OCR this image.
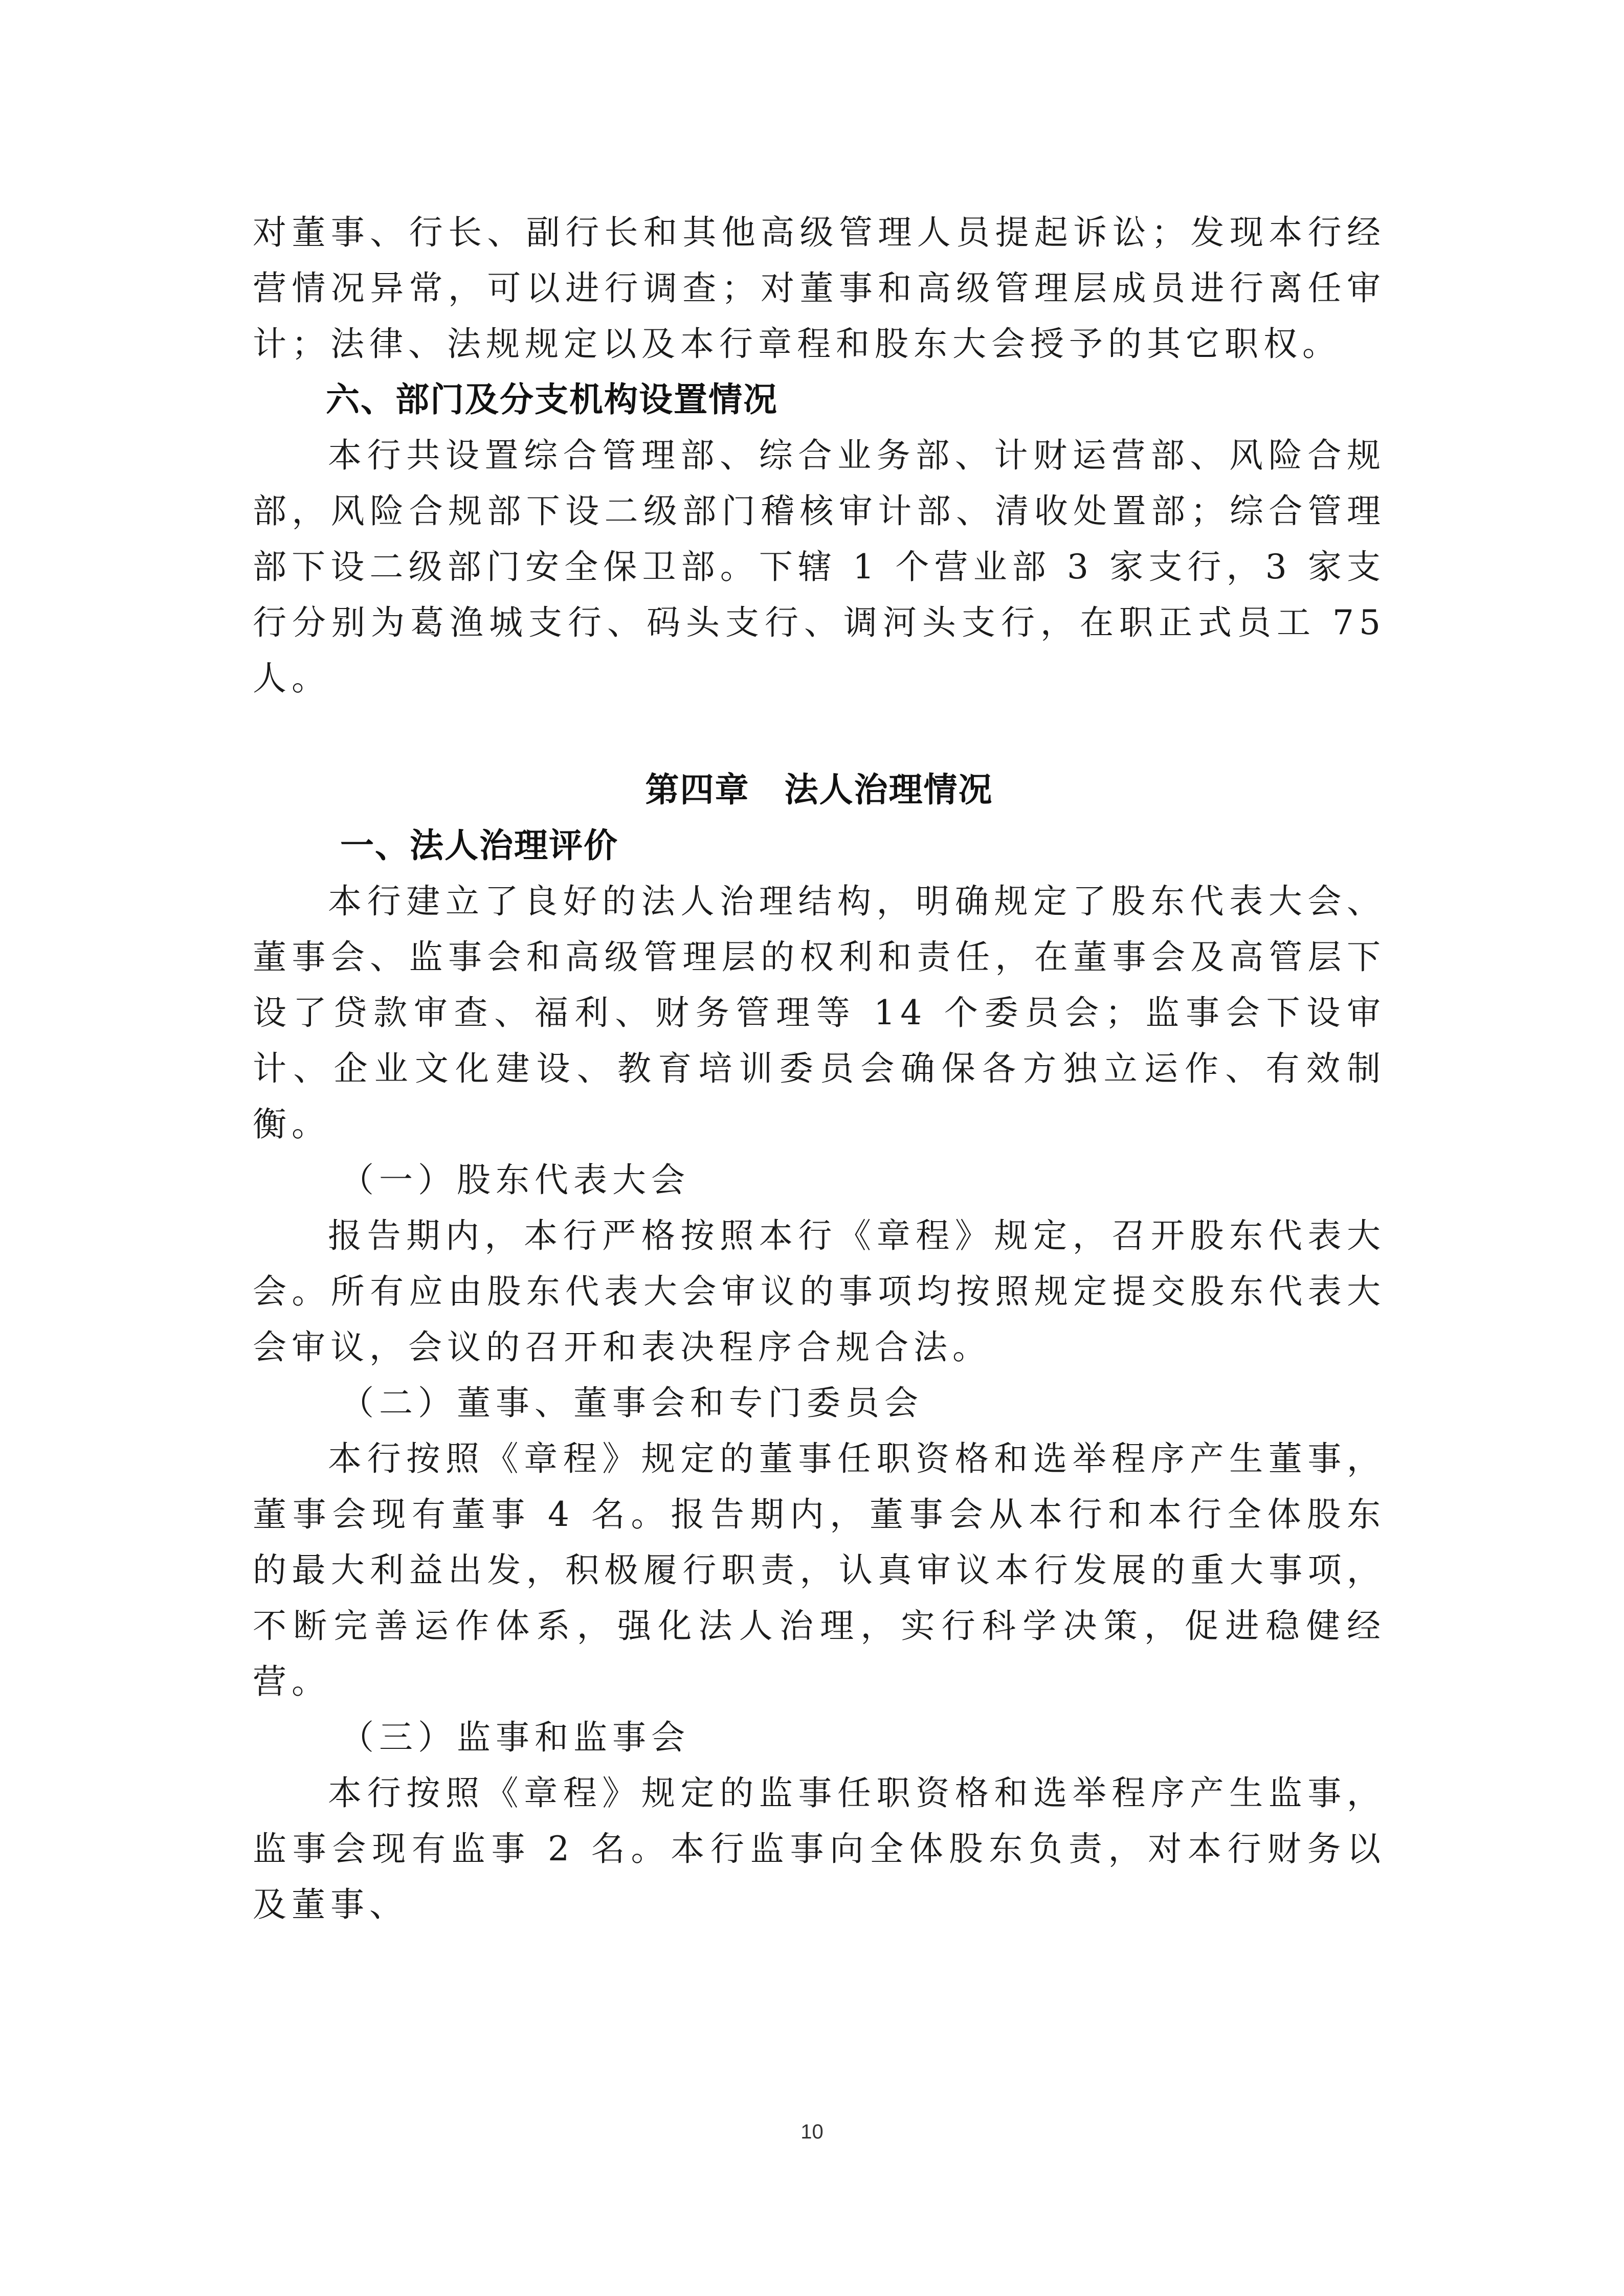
对董事、行长、副行长和其他高级管理人员提起诉讼；发现本行经营情况异常，可以进行调查；对董事和高级管理层成员进行离任审计；法律、法规规定以及本行章程和股东大会授予的其它职权。

六、部门及分支机构设置情况

本行共设置综合管理部、综合业务部、计财运营部、风险合规部，风险合规部下设二级部门稽核审计部、清收处置部；综合管理部下设二级部门安全保卫部。下辖 1 个营业部 3 家支行，3 家支行分别为葛渔城支行、码头支行、调河头支行，在职正式员工 75 人。

第四章　法人治理情况

一、法人治理评价

本行建立了良好的法人治理结构，明确规定了股东代表大会、董事会、监事会和高级管理层的权利和责任，在董事会及高管层下设了贷款审查、福利、财务管理等 14 个委员会；监事会下设审计、企业文化建设、教育培训委员会确保各方独立运作、有效制衡。

（一）股东代表大会

报告期内，本行严格按照本行《章程》规定，召开股东代表大会。所有应由股东代表大会审议的事项均按照规定提交股东代表大会审议，会议的召开和表决程序合规合法。

（二）董事、董事会和专门委员会

本行按照《章程》规定的董事任职资格和选举程序产生董事，董事会现有董事 4 名。报告期内，董事会从本行和本行全体股东的最大利益出发，积极履行职责，认真审议本行发展的重大事项，不断完善运作体系，强化法人治理，实行科学决策，促进稳健经营。

（三）监事和监事会

本行按照《章程》规定的监事任职资格和选举程序产生监事，监事会现有监事 2 名。本行监事向全体股东负责，对本行财务以及董事、

10
